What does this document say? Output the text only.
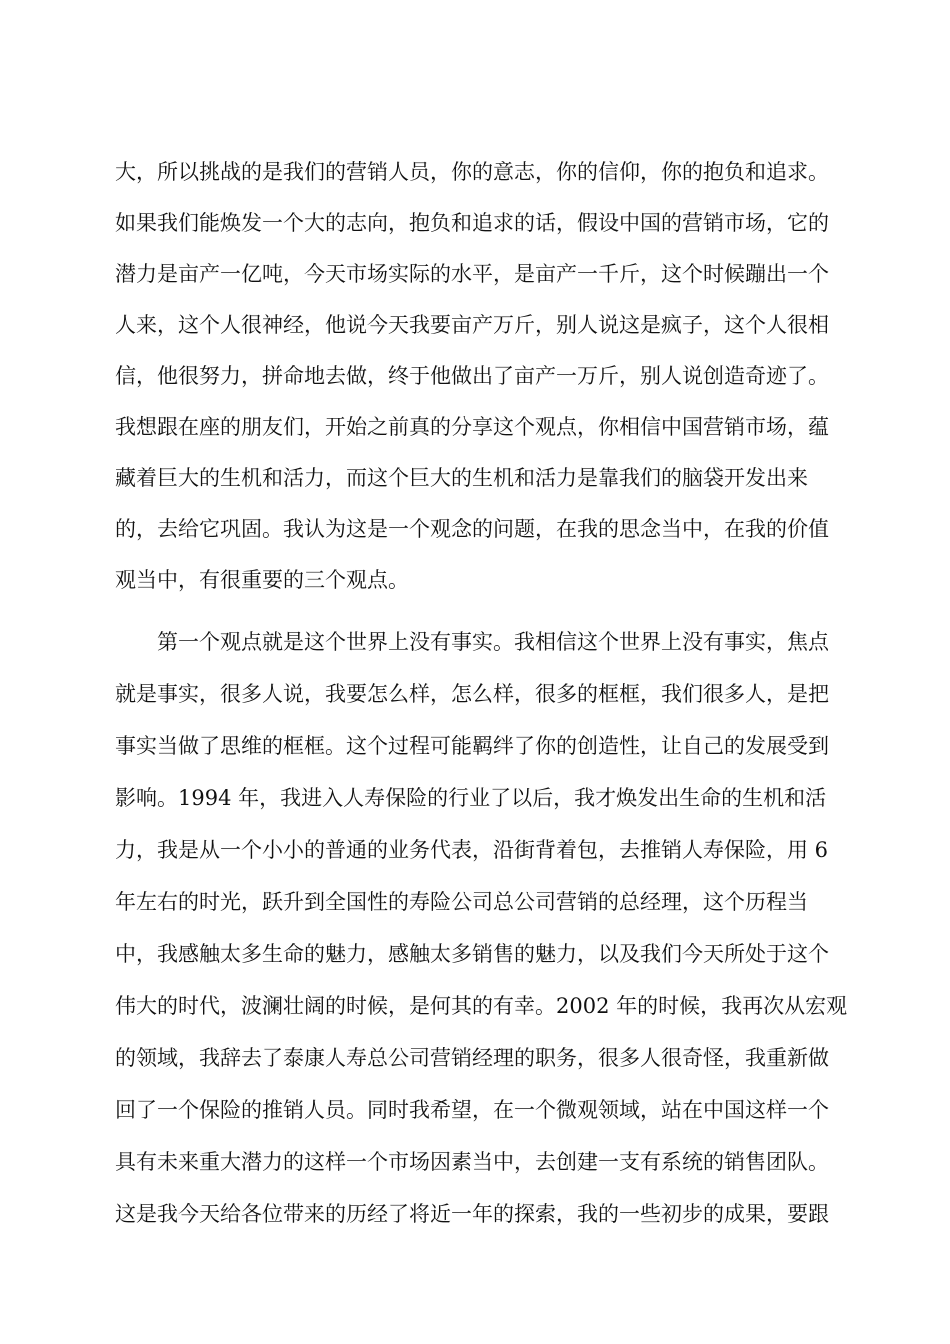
大，所以挑战的是我们的营销人员，你的意志，你的信仰，你的抱负和追求。
如果我们能焕发一个大的志向，抱负和追求的话，假设中国的营销市场，它的
潜力是亩产一亿吨，今天市场实际的水平，是亩产一千斤，这个时候蹦出一个
人来，这个人很神经，他说今天我要亩产万斤，别人说这是疯子，这个人很相
信，他很努力，拼命地去做，终于他做出了亩产一万斤，别人说创造奇迹了。
我想跟在座的朋友们，开始之前真的分享这个观点，你相信中国营销市场，蕴
藏着巨大的生机和活力，而这个巨大的生机和活力是靠我们的脑袋开发出来
的，去给它巩固。我认为这是一个观念的问题，在我的思念当中，在我的价值
观当中，有很重要的三个观点。
第一个观点就是这个世界上没有事实。我相信这个世界上没有事实，焦点
就是事实，很多人说，我要怎么样，怎么样，很多的框框，我们很多人，是把
事实当做了思维的框框。这个过程可能羁绊了你的创造性，让自己的发展受到
影响。1994 年，我进入人寿保险的行业了以后，我才焕发出生命的生机和活
力，我是从一个小小的普通的业务代表，沿街背着包，去推销人寿保险，用 6
年左右的时光，跃升到全国性的寿险公司总公司营销的总经理，这个历程当
中，我感触太多生命的魅力，感触太多销售的魅力，以及我们今天所处于这个
伟大的时代，波澜壮阔的时候，是何其的有幸。2002 年的时候，我再次从宏观
的领域，我辞去了泰康人寿总公司营销经理的职务，很多人很奇怪，我重新做
回了一个保险的推销人员。同时我希望，在一个微观领域，站在中国这样一个
具有未来重大潜力的这样一个市场因素当中，去创建一支有系统的销售团队。
这是我今天给各位带来的历经了将近一年的探索，我的一些初步的成果，要跟
